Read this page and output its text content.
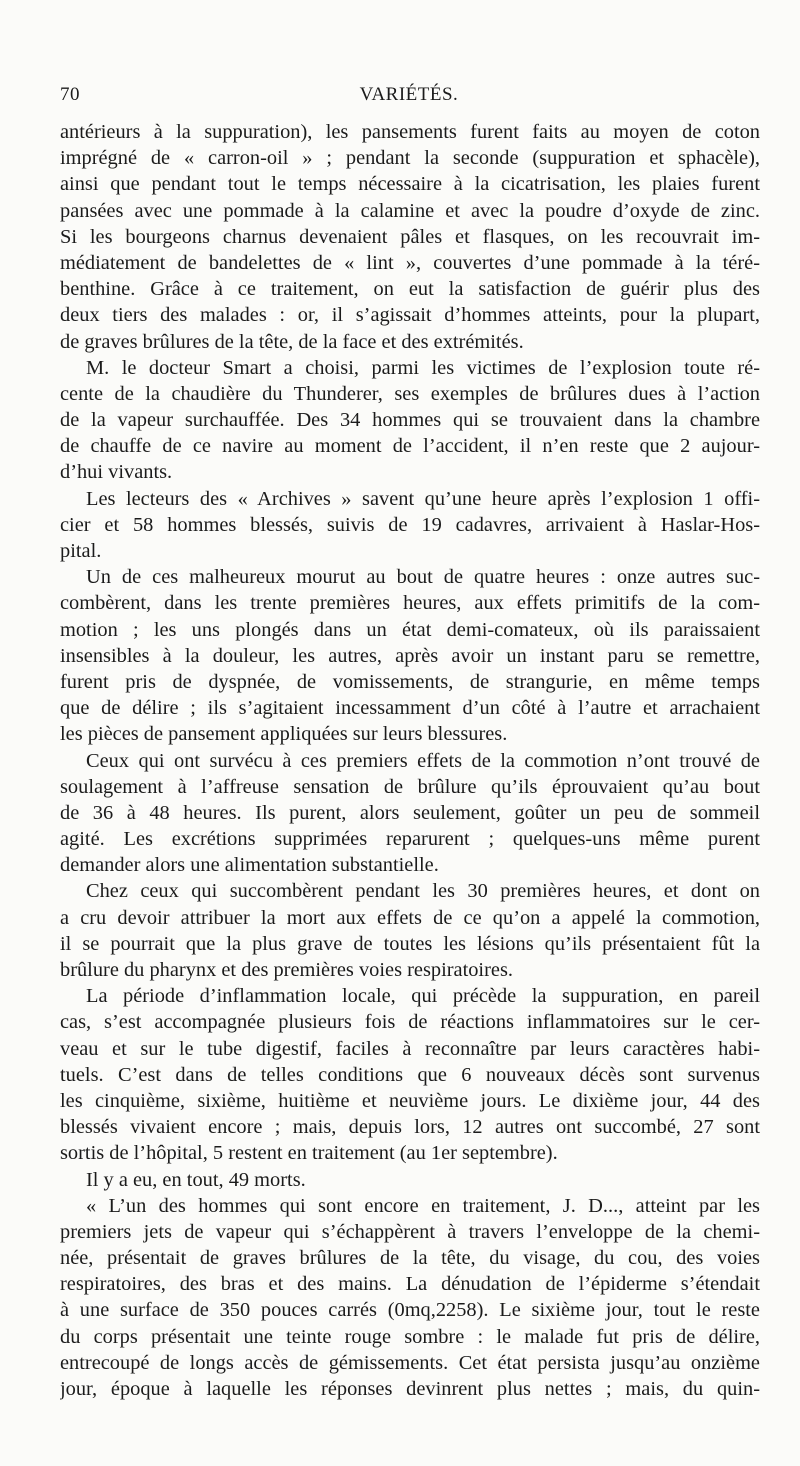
70	VARIÉTÉS.
antérieurs à la suppuration), les pansements furent faits au moyen de coton
imprégné de « carron-oil » ; pendant la seconde (suppuration et sphacèle),
ainsi que pendant tout le temps nécessaire à la cicatrisation, les plaies furent
pansées avec une pommade à la calamine et avec la poudre d’oxyde de zinc.
Si les bourgeons charnus devenaient pâles et flasques, on les recouvrait im-
médiatement de bandelettes de « lint », couvertes d’une pommade à la téré-
benthine. Grâce à ce traitement, on eut la satisfaction de guérir plus des
deux tiers des malades : or, il s’agissait d’hommes atteints, pour la plupart,
de graves brûlures de la tête, de la face et des extrémités.
M. le docteur Smart a choisi, parmi les victimes de l’explosion toute ré-
cente de la chaudière du Thunderer, ses exemples de brûlures dues à l’action
de la vapeur surchauffée. Des 34 hommes qui se trouvaient dans la chambre
de chauffe de ce navire au moment de l’accident, il n’en reste que 2 aujour-
d’hui vivants.
Les lecteurs des « Archives » savent qu’une heure après l’explosion 1 offi-
cier et 58 hommes blessés, suivis de 19 cadavres, arrivaient à Haslar-Hos-
pital.
Un de ces malheureux mourut au bout de quatre heures : onze autres suc-
combèrent, dans les trente premières heures, aux effets primitifs de la com-
motion ; les uns plongés dans un état demi-comateux, où ils paraissaient
insensibles à la douleur, les autres, après avoir un instant paru se remettre,
furent pris de dyspnée, de vomissements, de strangurie, en même temps
que de délire ; ils s’agitaient incessamment d’un côté à l’autre et arrachaient
les pièces de pansement appliquées sur leurs blessures.
Ceux qui ont survécu à ces premiers effets de la commotion n’ont trouvé de
soulagement à l’affreuse sensation de brûlure qu’ils éprouvaient qu’au bout
de 36 à 48 heures. Ils purent, alors seulement, goûter un peu de sommeil
agité. Les excrétions supprimées reparurent ; quelques-uns même purent
demander alors une alimentation substantielle.
Chez ceux qui succombèrent pendant les 30 premières heures, et dont on
a cru devoir attribuer la mort aux effets de ce qu’on a appelé la commotion,
il se pourrait que la plus grave de toutes les lésions qu’ils présentaient fût la
brûlure du pharynx et des premières voies respiratoires.
La période d’inflammation locale, qui précède la suppuration, en pareil
cas, s’est accompagnée plusieurs fois de réactions inflammatoires sur le cer-
veau et sur le tube digestif, faciles à reconnaître par leurs caractères habi-
tuels. C’est dans de telles conditions que 6 nouveaux décès sont survenus
les cinquième, sixième, huitième et neuvième jours. Le dixième jour, 44 des
blessés vivaient encore ; mais, depuis lors, 12 autres ont succombé, 27 sont
sortis de l’hôpital, 5 restent en traitement (au 1er septembre).
Il y a eu, en tout, 49 morts.
« L’un des hommes qui sont encore en traitement, J. D..., atteint par les
premiers jets de vapeur qui s’échappèrent à travers l’enveloppe de la chemi-
née, présentait de graves brûlures de la tête, du visage, du cou, des voies
respiratoires, des bras et des mains. La dénudation de l’épiderme s’étendait
à une surface de 350 pouces carrés (0mq,2258). Le sixième jour, tout le reste
du corps présentait une teinte rouge sombre : le malade fut pris de délire,
entrecoupé de longs accès de gémissements. Cet état persista jusqu’au onzième
jour, époque à laquelle les réponses devinrent plus nettes ; mais, du quin-
